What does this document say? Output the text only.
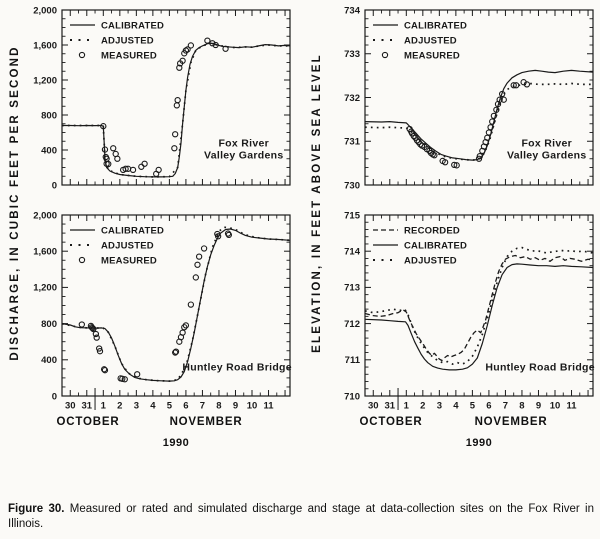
DISCHARGE, IN CUBIC FEET PER SECOND	ELEVATION, IN FEET ABOVE SEA LEVEL
0
400
800
1,200
1,600
2,000
CALIBRATED
ADJUSTED
MEASURED
Fox River
Valley Gardens
730
731
732
733
734
CALIBRATED
ADJUSTED
MEASURED
Fox River
Valley Gardens
0
400
800
1,200
1,600
2,000
30 31 1 2 3 4 5 6 7 8 9 10 11
CALIBRATED
ADJUSTED
MEASURED
Huntley Road Bridge
710
711
712
713
714
715
30 31 1 2 3 4 5 6 7 8 9 10 11
RECORDED
CALIBRATED
ADJUSTED
Huntley Road Bridge
OCTOBER	NOVEMBER
1990
OCTOBER	NOVEMBER
1990
Figure 30. Measured or rated and simulated discharge and stage at data-collection sites on the Fox River in Illinois.
